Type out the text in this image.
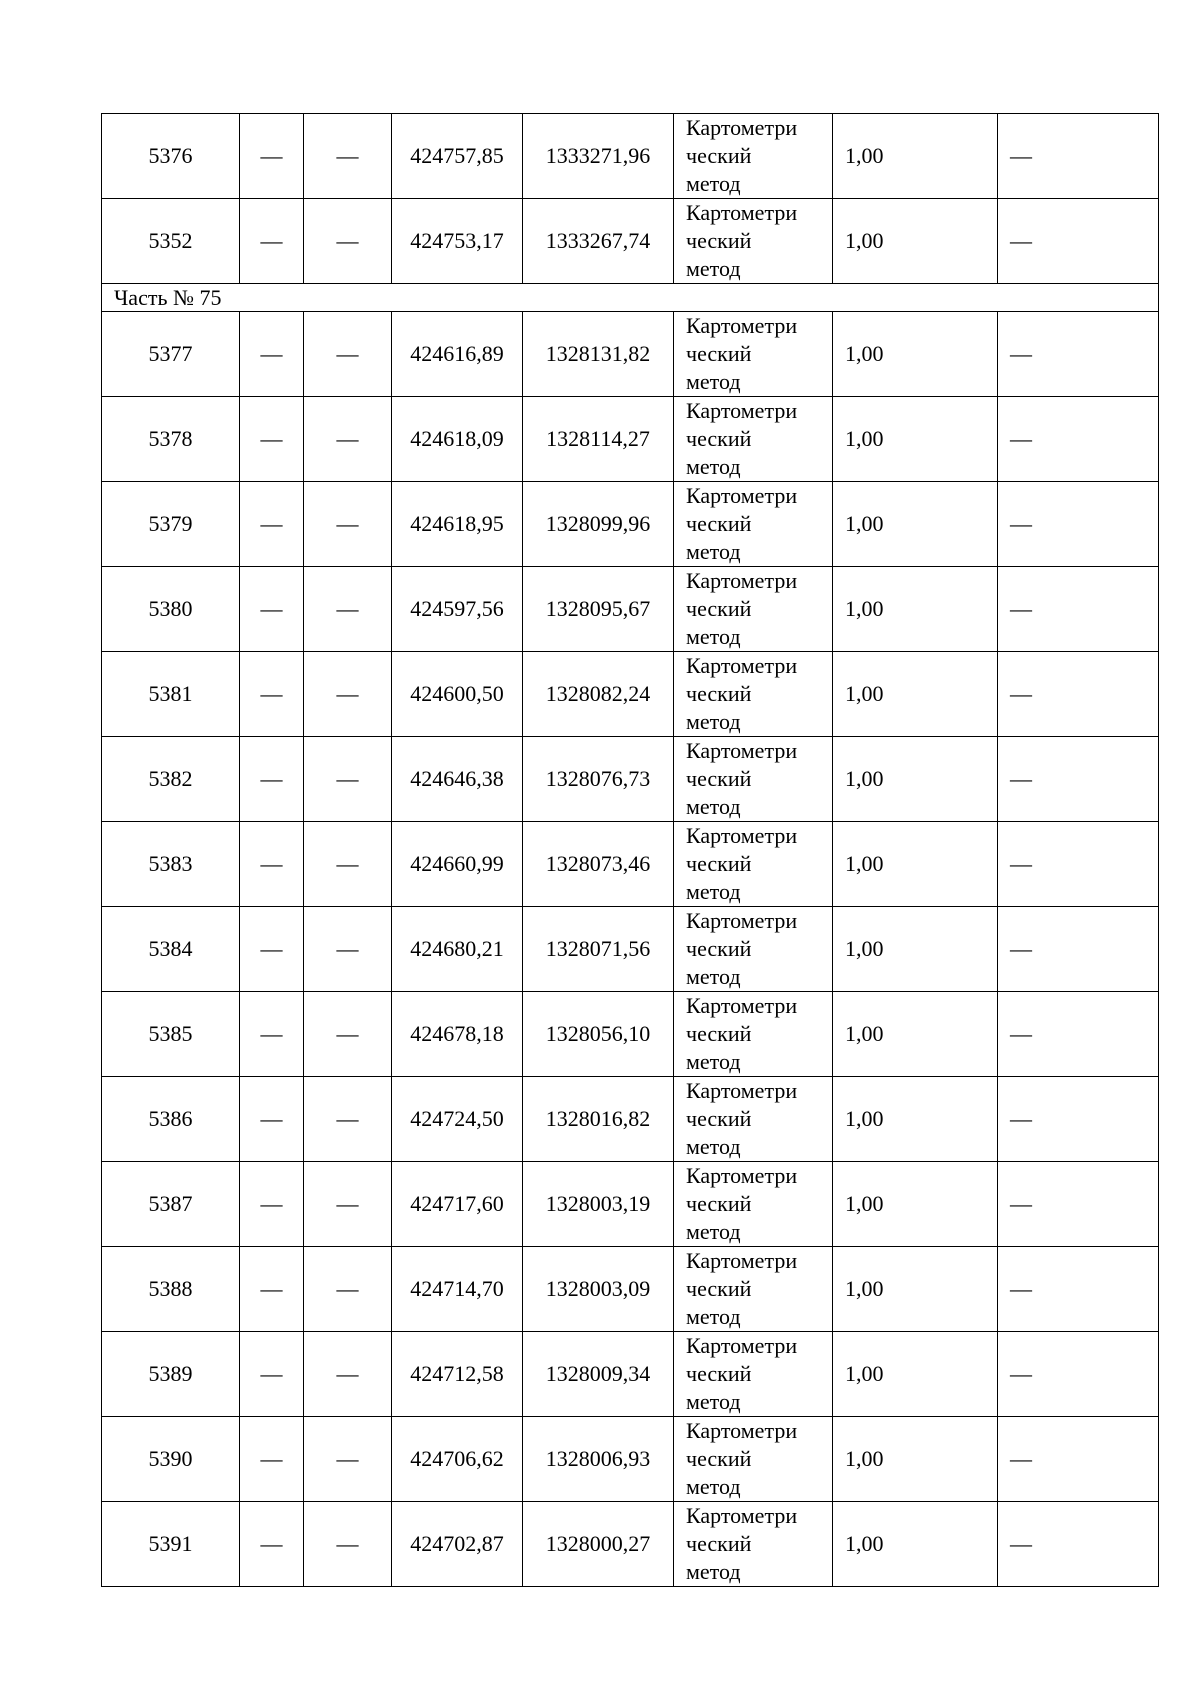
5376	—	—	424757,85	1333271,96	Картометри
ческий
метод	1,00	—
5352	—	—	424753,17	1333267,74	Картометри
ческий
метод	1,00	—
Часть № 75							
5377	—	—	424616,89	1328131,82	Картометри
ческий
метод	1,00	—
5378	—	—	424618,09	1328114,27	Картометри
ческий
метод	1,00	—
5379	—	—	424618,95	1328099,96	Картометри
ческий
метод	1,00	—
5380	—	—	424597,56	1328095,67	Картометри
ческий
метод	1,00	—
5381	—	—	424600,50	1328082,24	Картометри
ческий
метод	1,00	—
5382	—	—	424646,38	1328076,73	Картометри
ческий
метод	1,00	—
5383	—	—	424660,99	1328073,46	Картометри
ческий
метод	1,00	—
5384	—	—	424680,21	1328071,56	Картометри
ческий
метод	1,00	—
5385	—	—	424678,18	1328056,10	Картометри
ческий
метод	1,00	—
5386	—	—	424724,50	1328016,82	Картометри
ческий
метод	1,00	—
5387	—	—	424717,60	1328003,19	Картометри
ческий
метод	1,00	—
5388	—	—	424714,70	1328003,09	Картометри
ческий
метод	1,00	—
5389	—	—	424712,58	1328009,34	Картометри
ческий
метод	1,00	—
5390	—	—	424706,62	1328006,93	Картометри
ческий
метод	1,00	—
5391	—	—	424702,87	1328000,27	Картометри
ческий
метод	1,00	—
